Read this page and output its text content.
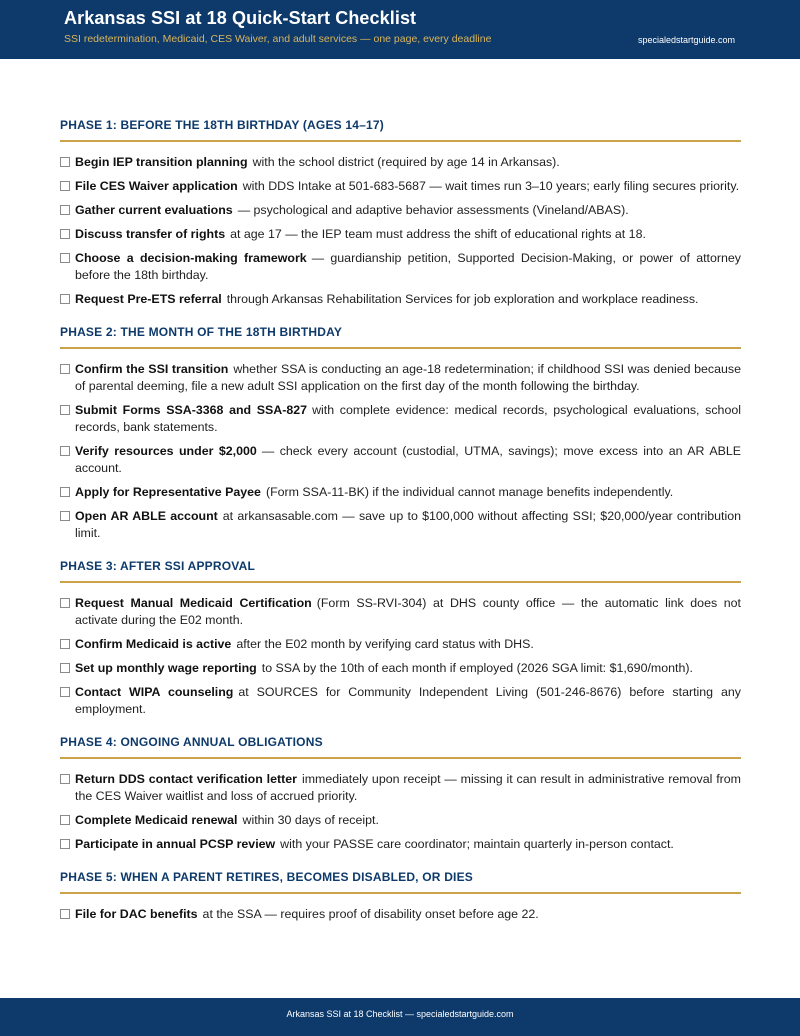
Arkansas SSI at 18 Quick-Start Checklist
SSI redetermination, Medicaid, CES Waiver, and adult services — one page, every deadline	specialedstartguide.com
PHASE 1: BEFORE THE 18TH BIRTHDAY (AGES 14–17)
Begin IEP transition planning with the school district (required by age 14 in Arkansas).
File CES Waiver application with DDS Intake at 501-683-5687 — wait times run 3–10 years; early filing secures priority.
Gather current evaluations — psychological and adaptive behavior assessments (Vineland/ABAS).
Discuss transfer of rights at age 17 — the IEP team must address the shift of educational rights at 18.
Choose a decision-making framework — guardianship petition, Supported Decision-Making, or power of attorney before the 18th birthday.
Request Pre-ETS referral through Arkansas Rehabilitation Services for job exploration and workplace readiness.
PHASE 2: THE MONTH OF THE 18TH BIRTHDAY
Confirm the SSI transition whether SSA is conducting an age-18 redetermination; if childhood SSI was denied because of parental deeming, file a new adult SSI application on the first day of the month following the birthday.
Submit Forms SSA-3368 and SSA-827 with complete evidence: medical records, psychological evaluations, school records, bank statements.
Verify resources under $2,000 — check every account (custodial, UTMA, savings); move excess into an AR ABLE account.
Apply for Representative Payee (Form SSA-11-BK) if the individual cannot manage benefits independently.
Open AR ABLE account at arkansasable.com — save up to $100,000 without affecting SSI; $20,000/year contribution limit.
PHASE 3: AFTER SSI APPROVAL
Request Manual Medicaid Certification (Form SS-RVI-304) at DHS county office — the automatic link does not activate during the E02 month.
Confirm Medicaid is active after the E02 month by verifying card status with DHS.
Set up monthly wage reporting to SSA by the 10th of each month if employed (2026 SGA limit: $1,690/month).
Contact WIPA counseling at SOURCES for Community Independent Living (501-246-8676) before starting any employment.
PHASE 4: ONGOING ANNUAL OBLIGATIONS
Return DDS contact verification letter immediately upon receipt — missing it can result in administrative removal from the CES Waiver waitlist and loss of accrued priority.
Complete Medicaid renewal within 30 days of receipt.
Participate in annual PCSP review with your PASSE care coordinator; maintain quarterly in-person contact.
PHASE 5: WHEN A PARENT RETIRES, BECOMES DISABLED, OR DIES
File for DAC benefits at the SSA — requires proof of disability onset before age 22.
Arkansas SSI at 18 Checklist — specialedstartguide.com
